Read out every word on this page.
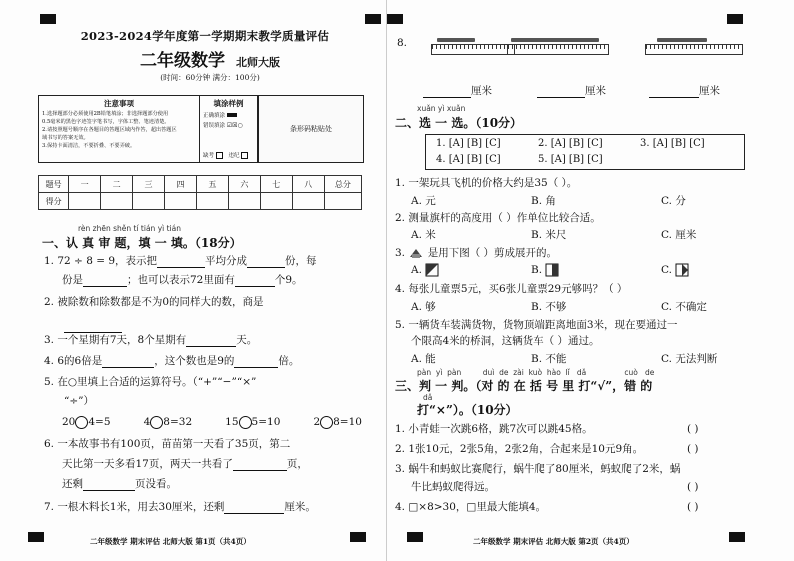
2023-2024学年度第一学期期末教学质量评估
二年级数学 北师大版
(时间：60分钟 满分：100分)
注意事项
1.选择题部分必须使用2B铅笔填涂；非选择题部分使用
0.5毫米的黑色字迹签字笔书写，字体工整、笔迹清楚。
2.请按照题号顺序在各题目的答题区域内作答，超出答题区
域书写的答案无效。
3.保持卡面清洁，不要折叠、不要弄破。
填涂样例
正确填涂
错误填涂 ☑☒○
缺考	违纪
条形码粘贴处
题号	一	二	三	四	五	六	七	八	总分
得分									
rèn zhēn shěn tí tián yì tián
一、认 真 审 题，填 一 填。（18分）
1. 72 ÷ 8 = 9，表示把	平均分成	份，每
份是	；也可以表示72里面有	个9。
2. 被除数和除数都是不为0的同样大的数，商是
3. 一个星期有7天，8个星期有	天。
4. 6的6倍是	，这个数也是9的	倍。
5. 在○里填上合适的运算符号。（“+”“−”“×”
“÷”）
20 4=5	4 8=32	15 5=10	2 8=10
6. 一本故事书有100页，苗苗第一天看了35页，第二
天比第一天多看17页，两天一共看了	页，
还剩	页没看。
7. 一根木料长1米，用去30厘米，还剩	厘米。
二年级数学 期末评估 北师大版 第1页（共4页）
8.
厘米	厘米	厘米
xuǎn yì xuǎn
二、选 一 选。（10分）
1. [A] [B] [C]	2. [A] [B] [C]	3. [A] [B] [C]
4. [A] [B] [C]	5. [A] [B] [C]
1. 一架玩具飞机的价格大约是35（ ）。
A. 元	B. 角	C. 分
2. 测量旗杆的高度用（ ）作单位比较合适。
A. 米	B. 米尺	C. 厘米
3.  是用下图（ ）剪成展开的。
A.	B.	C.
4. 每张儿童票5元，买6张儿童票29元够吗？（ ）
A. 够	B. 不够	C. 不确定
5. 一辆货车装满货物，货物顶端距离地面3米，现在要通过一
个限高4米的桥洞，这辆货车（ ）通过。
A. 能	B. 不能	C. 无法判断
pàn  yì  pàn         duì  de  zài  kuò  hào  lǐ   dǎ                cuò   de
三、判 一 判。（对 的 在 括 号 里 打“√”，错 的
dǎ
打“×”）。（10分）
1. 小青蛙一次跳6格，跳7次可以跳45格。	( )
2. 1张10元，2张5角，2张2角，合起来是10元9角。	( )
3. 蜗牛和蚂蚁比赛爬行，蜗牛爬了80厘米，蚂蚁爬了2米，蜗
牛比蚂蚁爬得远。	( )
4. □×8>30，□里最大能填4。	( )
二年级数学 期末评估 北师大版 第2页（共4页）
